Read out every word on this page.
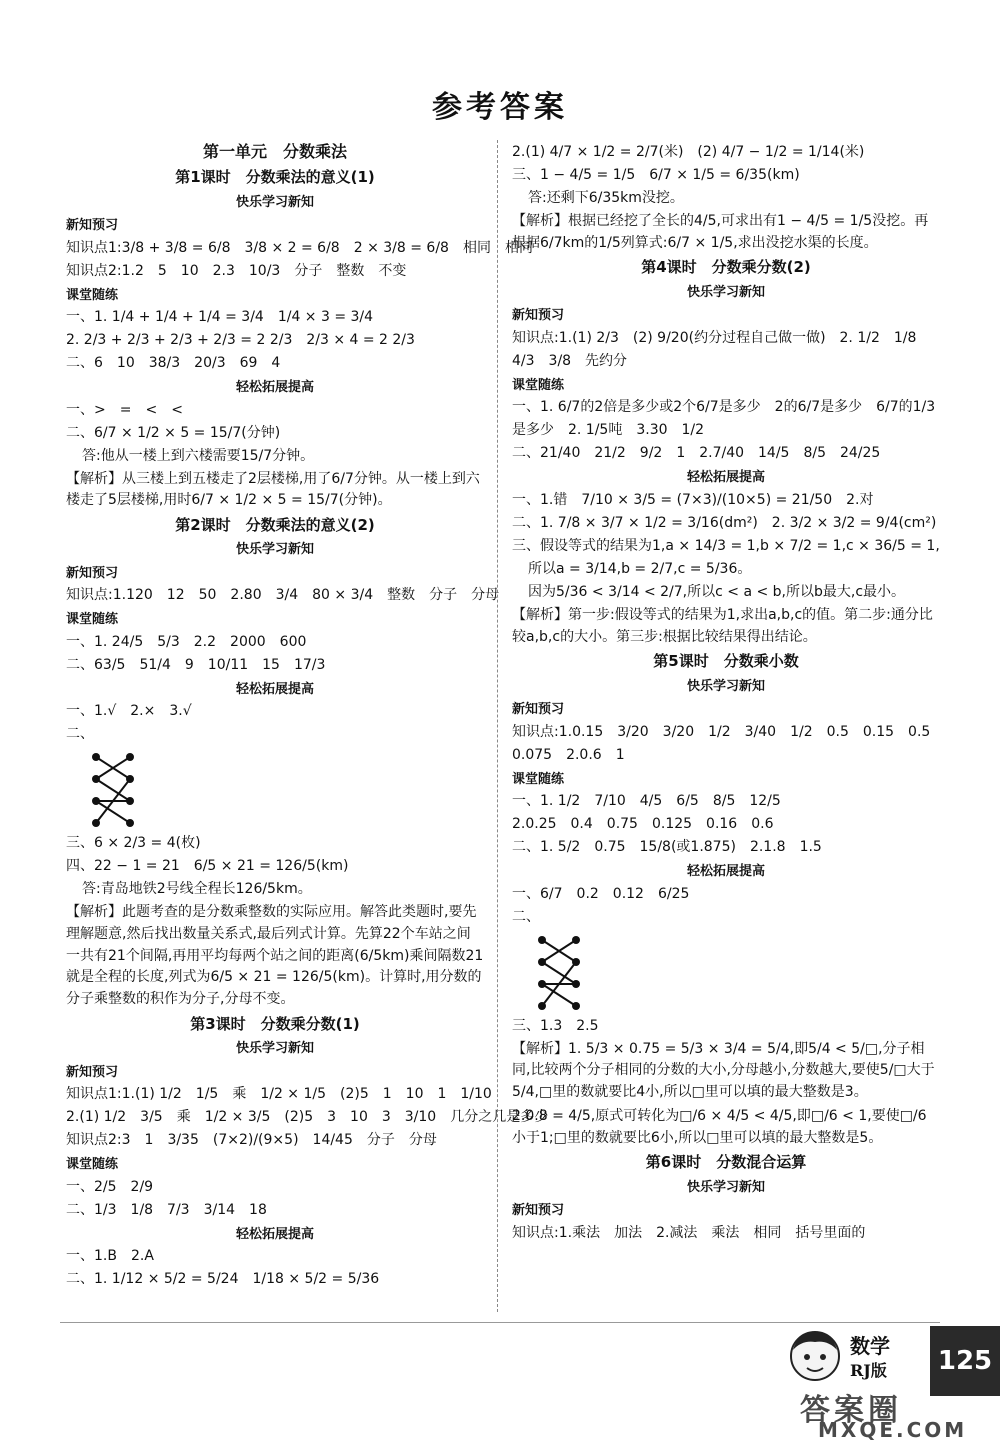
参考答案
第一单元　分数乘法
第1课时　分数乘法的意义(1)
快乐学习新知
新知预习
知识点1:3/8 + 3/8 = 6/8　3/8 × 2 = 6/8　2 × 3/8 = 6/8　相同　相同
知识点2:1.2　5　10　2.3　10/3　分子　整数　不变
课堂随练
一、1. 1/4 + 1/4 + 1/4 = 3/4　1/4 × 3 = 3/4
2. 2/3 + 2/3 + 2/3 + 2/3 = 2 2/3　2/3 × 4 = 2 2/3
二、6　10　38/3　20/3　69　4
轻松拓展提高
一、>　=　<　<
二、6/7 × 1/2 × 5 = 15/7(分钟)
答:他从一楼上到六楼需要15/7分钟。
【解析】从三楼上到五楼走了2层楼梯,用了6/7分钟。从一楼上到六楼走了5层楼梯,用时6/7 × 1/2 × 5 = 15/7(分钟)。
第2课时　分数乘法的意义(2)
快乐学习新知
新知预习
知识点:1.120　12　50　2.80　3/4　80 × 3/4　整数　分子　分母
课堂随练
一、1. 24/5　5/3　2.2　2000　600
二、63/5　51/4　9　10/11　15　17/3
轻松拓展提高
一、1.√　2.×　3.√
二、
三、6 × 2/3 = 4(枚)
四、22 − 1 = 21　6/5 × 21 = 126/5(km)
答:青岛地铁2号线全程长126/5km。
【解析】此题考查的是分数乘整数的实际应用。解答此类题时,要先理解题意,然后找出数量关系式,最后列式计算。先算22个车站之间一共有21个间隔,再用平均每两个站之间的距离(6/5km)乘间隔数21就是全程的长度,列式为6/5 × 21 = 126/5(km)。计算时,用分数的分子乘整数的积作为分子,分母不变。
第3课时　分数乘分数(1)
快乐学习新知
新知预习
知识点1:1.(1) 1/2　1/5　乘　1/2 × 1/5　(2)5　1　10　1　1/10
2.(1) 1/2　3/5　乘　1/2 × 3/5　(2)5　3　10　3　3/10　几分之几是多少
知识点2:3　1　3/35　(7×2)/(9×5)　14/45　分子　分母
课堂随练
一、2/5　2/9
二、1/3　1/8　7/3　3/14　18
轻松拓展提高
一、1.B　2.A
二、1. 1/12 × 5/2 = 5/24　1/18 × 5/2 = 5/36
2.(1) 4/7 × 1/2 = 2/7(米)　(2) 4/7 − 1/2 = 1/14(米)
三、1 − 4/5 = 1/5　6/7 × 1/5 = 6/35(km)
答:还剩下6/35km没挖。
【解析】根据已经挖了全长的4/5,可求出有1 − 4/5 = 1/5没挖。再根据6/7km的1/5列算式:6/7 × 1/5,求出没挖水渠的长度。
第4课时　分数乘分数(2)
快乐学习新知
新知预习
知识点:1.(1) 2/3　(2) 9/20(约分过程自己做一做)　2. 1/2　1/8
4/3　3/8　先约分
课堂随练
一、1. 6/7的2倍是多少或2个6/7是多少　2的6/7是多少　6/7的1/3
是多少　2. 1/5吨　3.30　1/2
二、21/40　21/2　9/2　1　2.7/40　14/5　8/5　24/25
轻松拓展提高
一、1.错　7/10 × 3/5 = (7×3)/(10×5) = 21/50　2.对
二、1. 7/8 × 3/7 × 1/2 = 3/16(dm²)　2. 3/2 × 3/2 = 9/4(cm²)
三、假设等式的结果为1,a × 14/3 = 1,b × 7/2 = 1,c × 36/5 = 1,
所以a = 3/14,b = 2/7,c = 5/36。
因为5/36 < 3/14 < 2/7,所以c < a < b,所以b最大,c最小。
【解析】第一步:假设等式的结果为1,求出a,b,c的值。第二步:通分比较a,b,c的大小。第三步:根据比较结果得出结论。
第5课时　分数乘小数
快乐学习新知
新知预习
知识点:1.0.15　3/20　3/20　1/2　3/40　1/2　0.5　0.15　0.5
0.075　2.0.6　1
课堂随练
一、1. 1/2　7/10　4/5　6/5　8/5　12/5
2.0.25　0.4　0.75　0.125　0.16　0.6
二、1. 5/2　0.75　15/8(或1.875)　2.1.8　1.5
轻松拓展提高
一、6/7　0.2　0.12　6/25
二、
三、1.3　2.5
【解析】1. 5/3 × 0.75 = 5/3 × 3/4 = 5/4,即5/4 < 5/□,分子相同,比较两个分子相同的分数的大小,分母越小,分数越大,要使5/□大于5/4,□里的数就要比4小,所以□里可以填的最大整数是3。
2.0.8 = 4/5,原式可转化为□/6 × 4/5 < 4/5,即□/6 < 1,要使□/6小于1;□里的数就要比6小,所以□里可以填的最大整数是5。
第6课时　分数混合运算
快乐学习新知
新知预习
知识点:1.乘法　加法　2.减法　乘法　相同　括号里面的
数学
RJ版	125
答案圈
MXQE.COM
